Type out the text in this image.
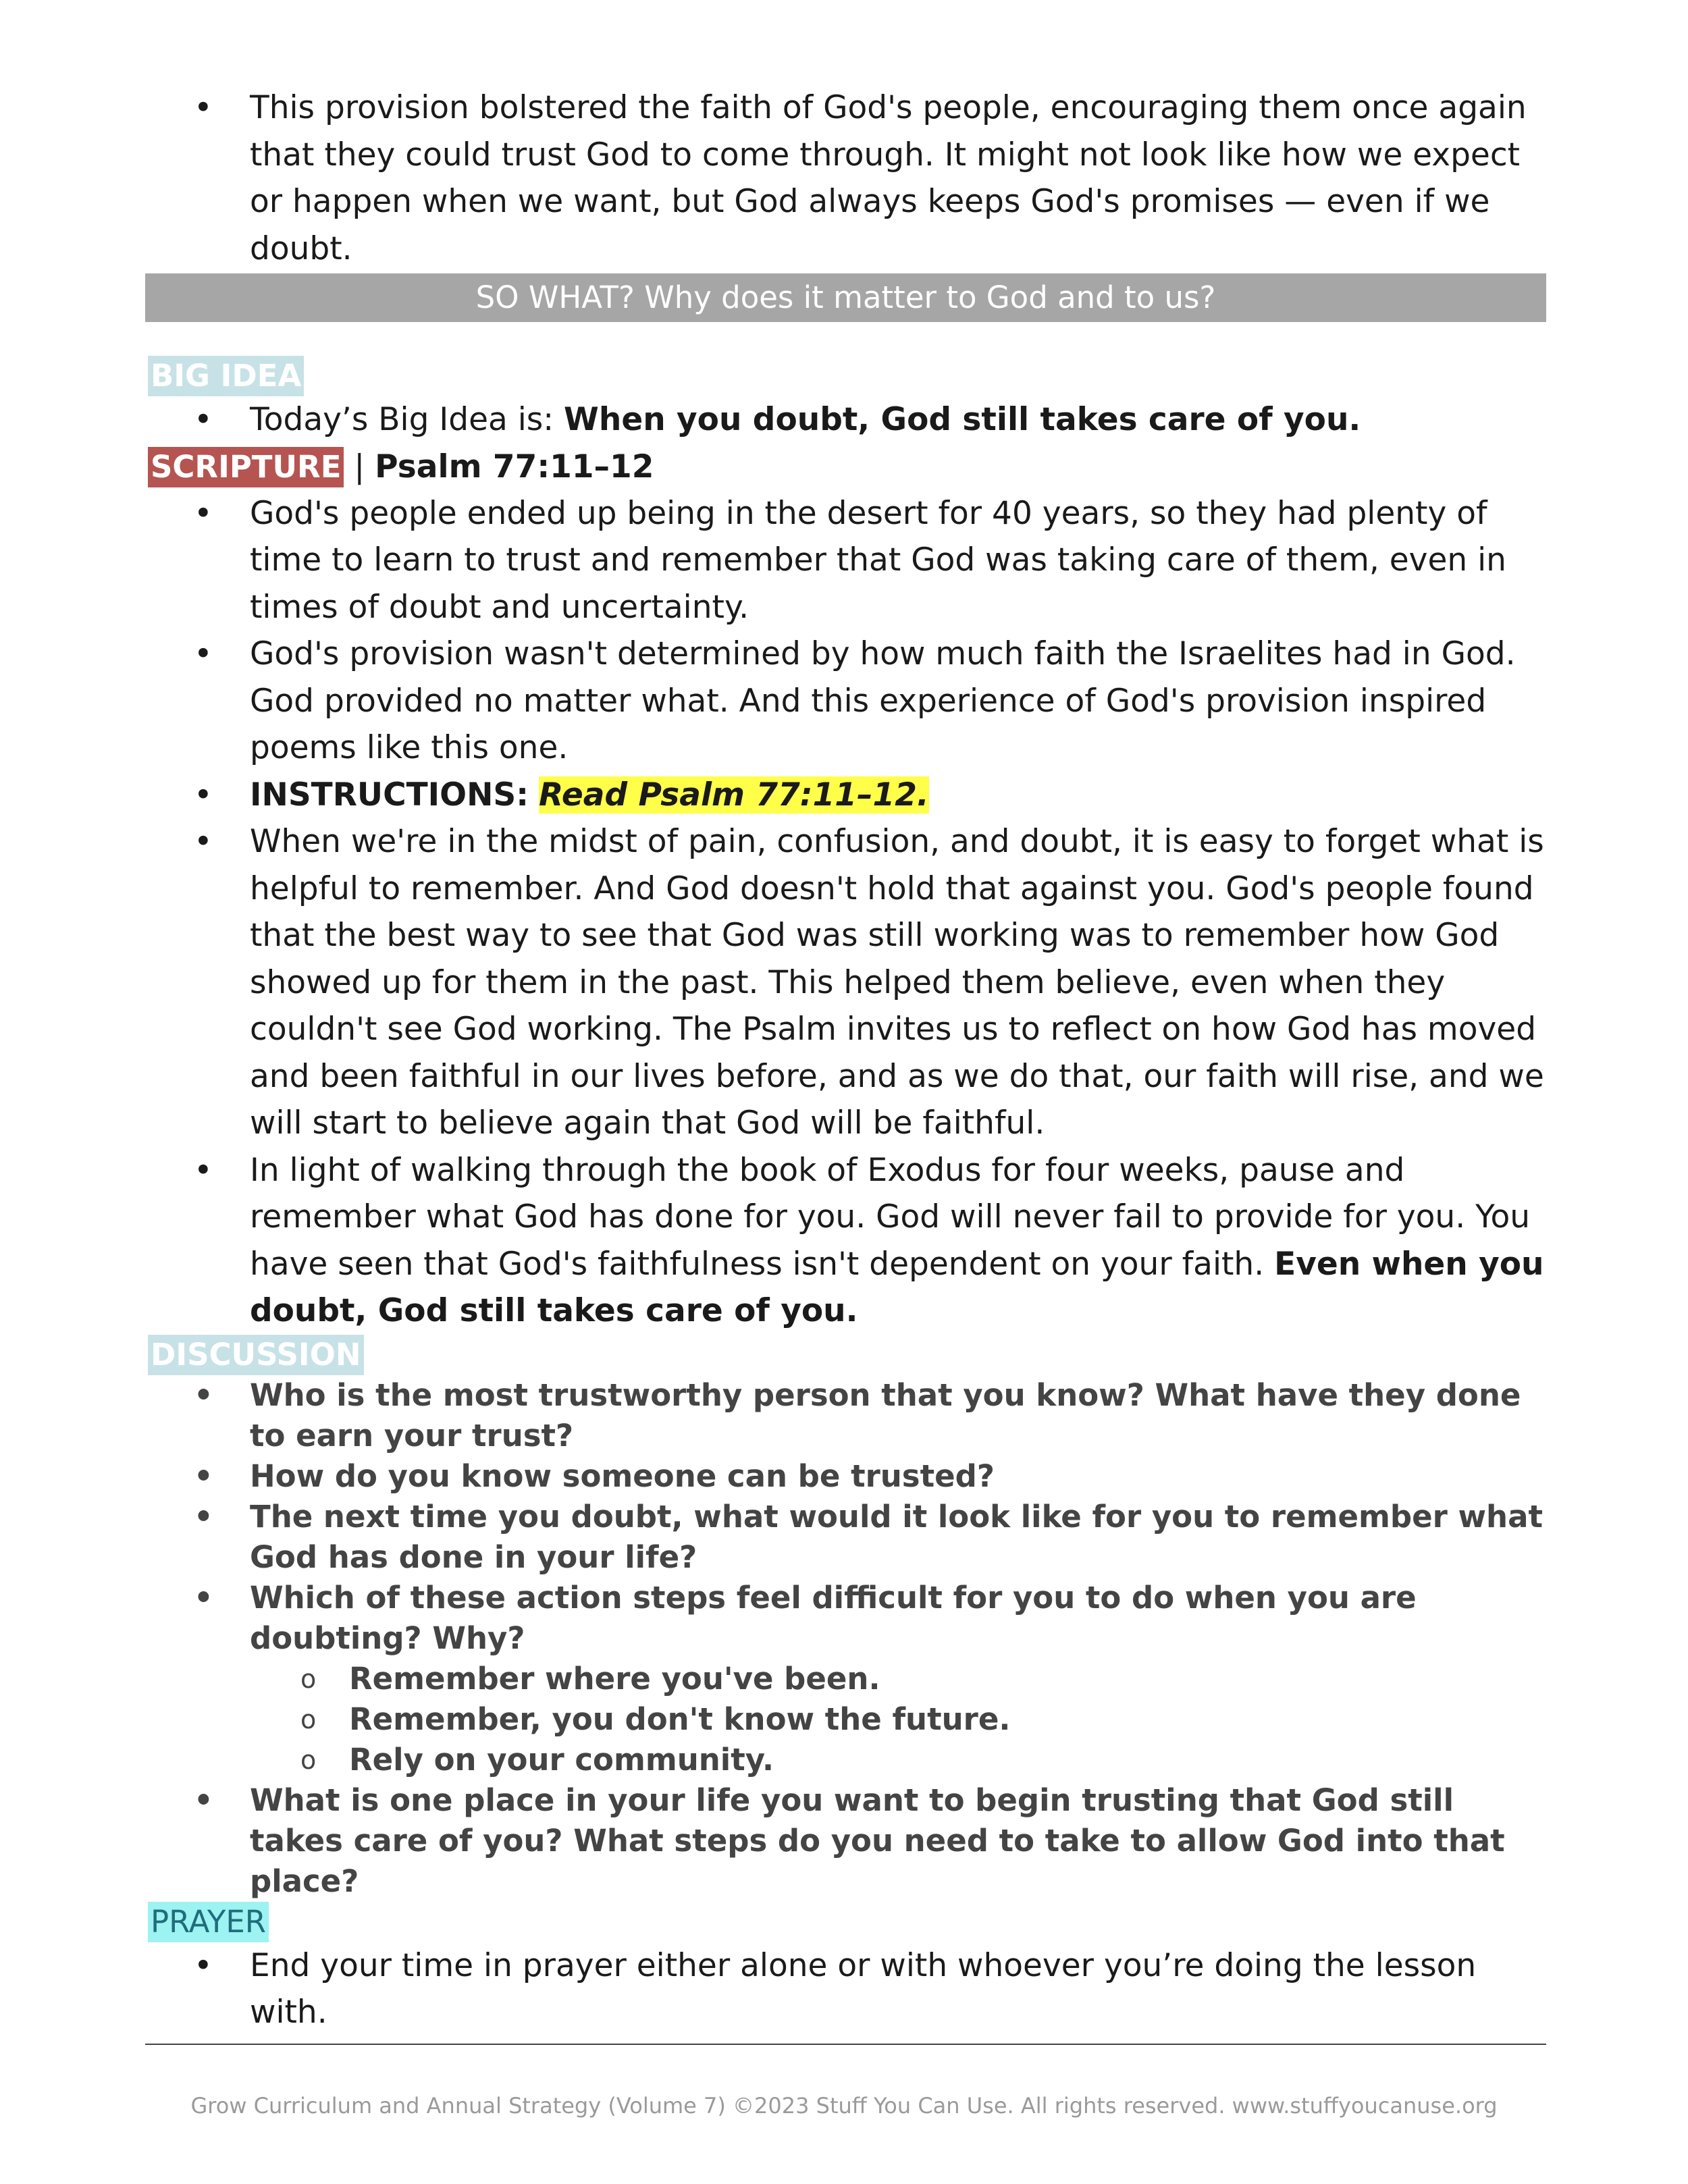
• This provision bolstered the faith of God's people, encouraging them once again that they could trust God to come through. It might not look like how we expect or happen when we want, but God always keeps God's promises — even if we doubt.
SO WHAT? Why does it matter to God and to us?
BIG IDEA
• Today’s Big Idea is: When you doubt, God still takes care of you.
SCRIPTURE | Psalm 77:11–12
• God's people ended up being in the desert for 40 years, so they had plenty of time to learn to trust and remember that God was taking care of them, even in times of doubt and uncertainty.
• God's provision wasn't determined by how much faith the Israelites had in God. God provided no matter what. And this experience of God's provision inspired poems like this one.
• INSTRUCTIONS: Read Psalm 77:11–12.
• When we're in the midst of pain, confusion, and doubt, it is easy to forget what is helpful to remember. And God doesn't hold that against you. God's people found that the best way to see that God was still working was to remember how God showed up for them in the past. This helped them believe, even when they couldn't see God working. The Psalm invites us to reflect on how God has moved and been faithful in our lives before, and as we do that, our faith will rise, and we will start to believe again that God will be faithful.
• In light of walking through the book of Exodus for four weeks, pause and remember what God has done for you. God will never fail to provide for you. You have seen that God's faithfulness isn't dependent on your faith. Even when you doubt, God still takes care of you.
DISCUSSION
• Who is the most trustworthy person that you know? What have they done to earn your trust?
• How do you know someone can be trusted?
• The next time you doubt, what would it look like for you to remember what God has done in your life?
• Which of these action steps feel difficult for you to do when you are doubting? Why?
o Remember where you've been.
o Remember, you don't know the future.
o Rely on your community.
• What is one place in your life you want to begin trusting that God still takes care of you? What steps do you need to take to allow God into that place?
PRAYER
• End your time in prayer either alone or with whoever you’re doing the lesson with.
Grow Curriculum and Annual Strategy (Volume 7) ©2023 Stuff You Can Use. All rights reserved. www.stuffyoucanuse.org
